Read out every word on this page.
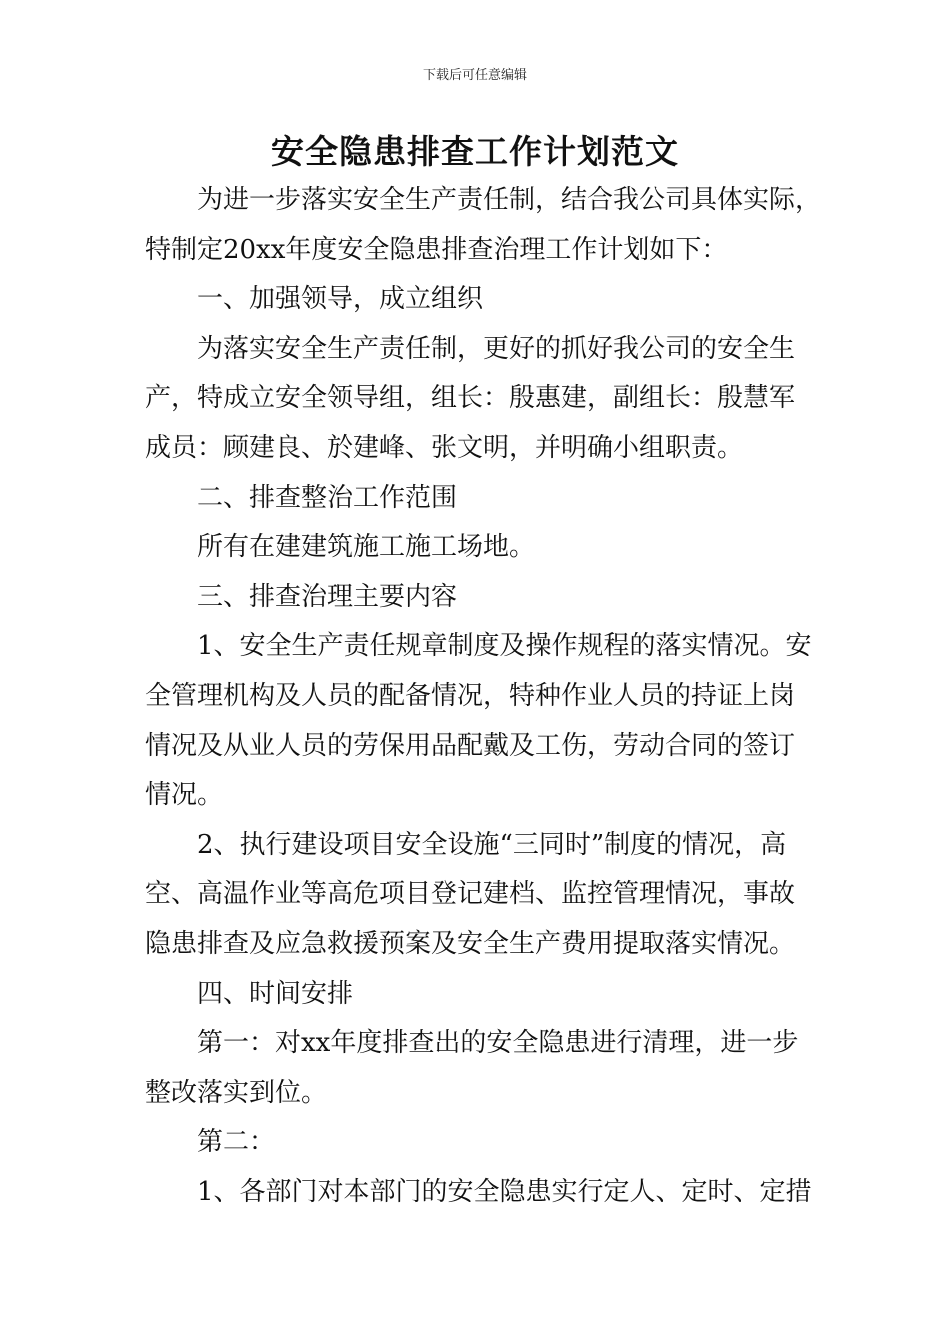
下载后可任意编辑
安全隐患排查工作计划范文
为进一步落实安全生产责任制，结合我公司具体实际，
特制定20xx年度安全隐患排查治理工作计划如下：
一、加强领导，成立组织
为落实安全生产责任制，更好的抓好我公司的安全生
产，特成立安全领导组，组长：殷惠建，副组长：殷慧军
成员：顾建良、於建峰、张文明，并明确小组职责。
二、排查整治工作范围
所有在建建筑施工施工场地。
三、排查治理主要内容
1、安全生产责任规章制度及操作规程的落实情况。安
全管理机构及人员的配备情况，特种作业人员的持证上岗
情况及从业人员的劳保用品配戴及工伤，劳动合同的签订
情况。
2、执行建设项目安全设施“三同时”制度的情况，高
空、高温作业等高危项目登记建档、监控管理情况，事故
隐患排查及应急救援预案及安全生产费用提取落实情况。
四、时间安排
第一：对xx年度排查出的安全隐患进行清理，进一步
整改落实到位。
第二：
1、各部门对本部门的安全隐患实行定人、定时、定措
